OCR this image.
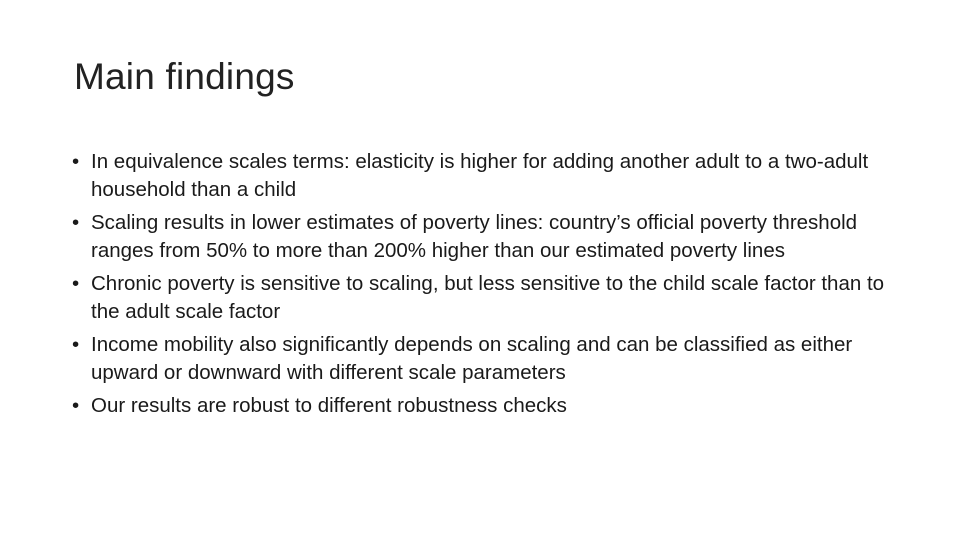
Main findings
• In equivalence scales terms: elasticity is higher for adding another adult to a two-adult household than a child
• Scaling results in lower estimates of poverty lines: country’s official poverty threshold ranges from 50% to more than 200% higher than our estimated poverty lines
• Chronic poverty is sensitive to scaling, but less sensitive to the child scale factor than to the adult scale factor
• Income mobility also significantly depends on scaling and can be classified as either upward or downward with different scale parameters
• Our results are robust to different robustness checks
